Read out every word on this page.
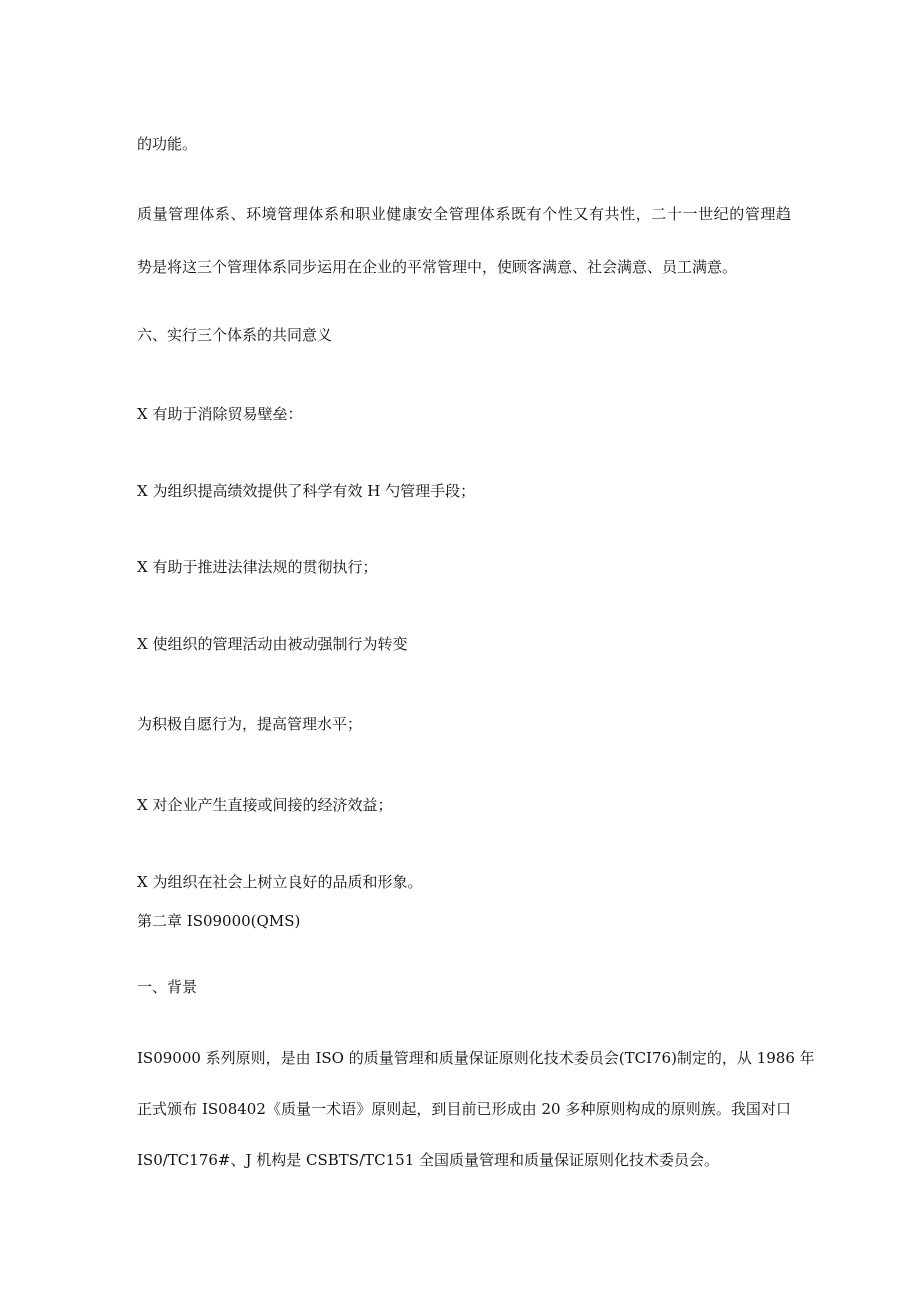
的功能。
质量管理体系、环境管理体系和职业健康安全管理体系既有个性又有共性，二十一世纪的管理趋
势是将这三个管理体系同步运用在企业的平常管理中，使顾客满意、社会满意、员工满意。
六、实行三个体系的共同意义
X 有助于消除贸易壁垒：
X 为组织提高绩效提供了科学有效 H 勺管理手段；
X 有助于推进法律法规的贯彻执行；
X 使组织的管理活动由被动强制行为转变
为积极自愿行为，提高管理水平；
X 对企业产生直接或间接的经济效益；
X 为组织在社会上树立良好的品质和形象。
第二章 IS09000(QMS)
一、背景
IS09000 系列原则，是由 ISO 的质量管理和质量保证原则化技术委员会(TCI76)制定的，从 1986 年
正式颁布 IS08402《质量一术语》原则起，到目前已形成由 20 多种原则构成的原则族。我国对口
IS0/TC176#、J 机构是 CSBTS/TC151 全国质量管理和质量保证原则化技术委员会。
